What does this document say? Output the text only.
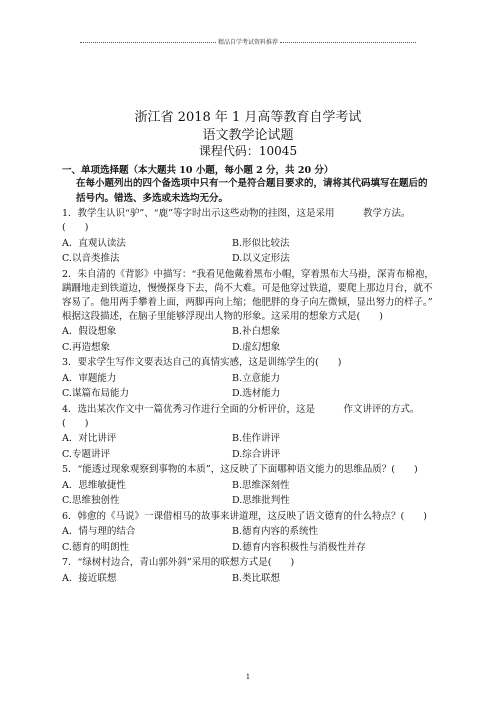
精品自学考试资料推荐
浙江省 2018 年 1 月高等教育自学考试
语文教学论试题
课程代码：10045
一、单项选择题（本大题共 10 小题，每小题 2 分，共 20 分）
在每小题列出的四个备选项中只有一个是符合题目要求的，请将其代码填写在题后的
括号内。错选、多选或未选均无分。
1．教学生认识“驴”、“鹿”等字时出示这些动物的挂图，这是采用　　　教学方法。(　　)
A．直观认读法	B.形似比较法
C.以音类推法	D.以义定形法
2．朱自清的《背影》中描写：“我看见他戴着黑布小帽，穿着黑布大马褂，深青布棉袍，
蹒跚地走到铁道边，慢慢探身下去，尚不大难。可是他穿过铁道，要爬上那边月台，就不
容易了。他用两手攀着上面，两脚再向上缩；他肥胖的身子向左微倾，显出努力的样子。”
根据这段描述，在脑子里能够浮现出人物的形象。这采用的想象方式是(　　)
A．假设想象	B.补白想象
C.再造想象	D.虚幻想象
3．要求学生写作文要表达自己的真情实感，这是训练学生的(　　)
A．审题能力	B.立意能力
C.谋篇布局能力	D.选材能力
4．选出某次作文中一篇优秀习作进行全面的分析评价，这是　　　作文讲评的方式。(　　)
A．对比讲评	B.佳作讲评
C.专题讲评	D.综合讲评
5．“能透过现象观察到事物的本质”，这反映了下面哪种语文能力的思维品质？(　　)
A．思维敏捷性	B.思维深刻性
C.思维独创性	D.思维批判性
6．韩愈的《马说》一课借相马的故事来讲道理，这反映了语文德育的什么特点？(　　)
A．情与理的结合	B.德育内容的系统性
C.德育的明朗性	D.德育内容积极性与消极性并存
7．“绿树村边合，青山郭外斜”采用的联想方式是(　　)
A．接近联想	B.类比联想
1
